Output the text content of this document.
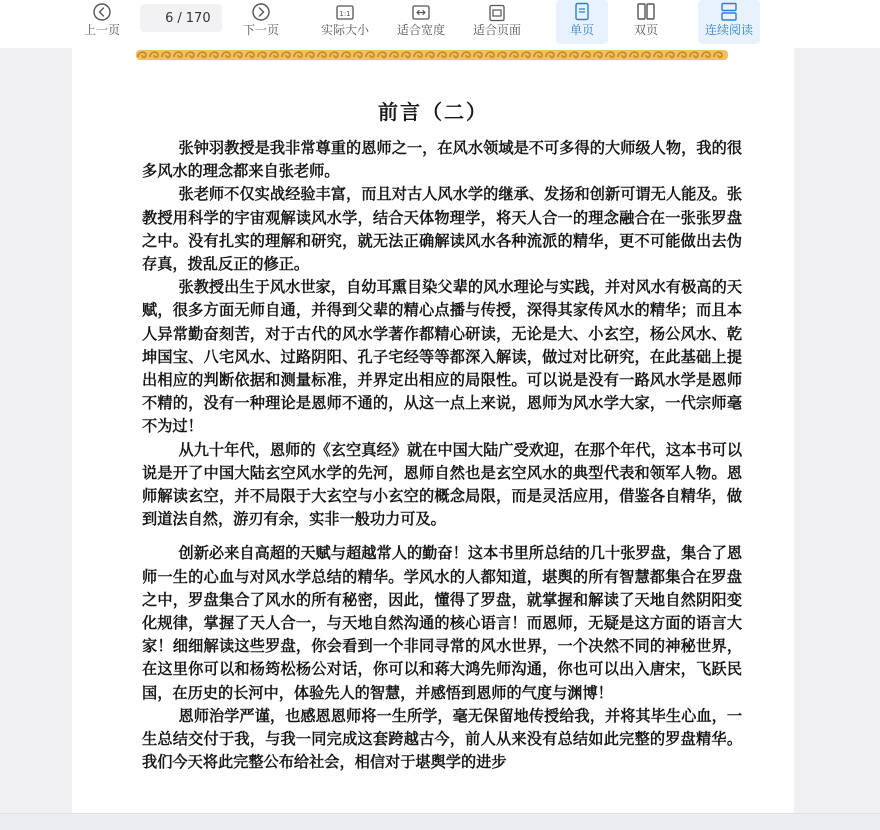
上一页
6
/ 170
下一页
1:1
实际大小 适合宽度 适合页面	单页	双页	连续阅读
前言（二）

张钟羽教授是我非常尊重的恩师之一，在风水领域是不可多得的大师级人物，我的很多风水的理念都来自张老师。

张老师不仅实战经验丰富，而且对古人风水学的继承、发扬和创新可谓无人能及。张教授用科学的宇宙观解读风水学，结合天体物理学，将天人合一的理念融合在一张张罗盘之中。没有扎实的理解和研究，就无法正确解读风水各种流派的精华，更不可能做出去伪存真，拨乱反正的修正。

张教授出生于风水世家，自幼耳熏目染父辈的风水理论与实践，并对风水有极高的天赋，很多方面无师自通，并得到父辈的精心点播与传授，深得其家传风水的精华；而且本人异常勤奋刻苦，对于古代的风水学著作都精心研读，无论是大、小玄空，杨公风水、乾坤国宝、八宅风水、过路阴阳、孔子宅经等等都深入解读，做过对比研究，在此基础上提出相应的判断依据和测量标准，并界定出相应的局限性。可以说是没有一路风水学是恩师不精的，没有一种理论是恩师不通的，从这一点上来说，恩师为风水学大家，一代宗师毫不为过！

从九十年代，恩师的《玄空真经》就在中国大陆广受欢迎，在那个年代，这本书可以说是开了中国大陆玄空风水学的先河，恩师自然也是玄空风水的典型代表和领军人物。恩师解读玄空，并不局限于大玄空与小玄空的概念局限，而是灵活应用，借鉴各自精华，做到道法自然，游刃有余，实非一般功力可及。

创新必来自高超的天赋与超越常人的勤奋！这本书里所总结的几十张罗盘，集合了恩师一生的心血与对风水学总结的精华。学风水的人都知道，堪舆的所有智慧都集合在罗盘之中，罗盘集合了风水的所有秘密，因此，懂得了罗盘，就掌握和解读了天地自然阴阳变化规律，掌握了天人合一，与天地自然沟通的核心语言！而恩师，无疑是这方面的语言大家！细细解读这些罗盘，你会看到一个非同寻常的风水世界，一个决然不同的神秘世界，在这里你可以和杨筠松杨公对话，你可以和蒋大鸿先师沟通，你也可以出入唐宋，飞跃民国，在历史的长河中，体验先人的智慧，并感悟到恩师的气度与渊博！

恩师治学严谨，也感恩恩师将一生所学，毫无保留地传授给我，并将其毕生心血，一生总结交付于我，与我一同完成这套跨越古今，前人从来没有总结如此完整的罗盘精华。我们今天将此完整公布给社会，相信对于堪舆学的进步
